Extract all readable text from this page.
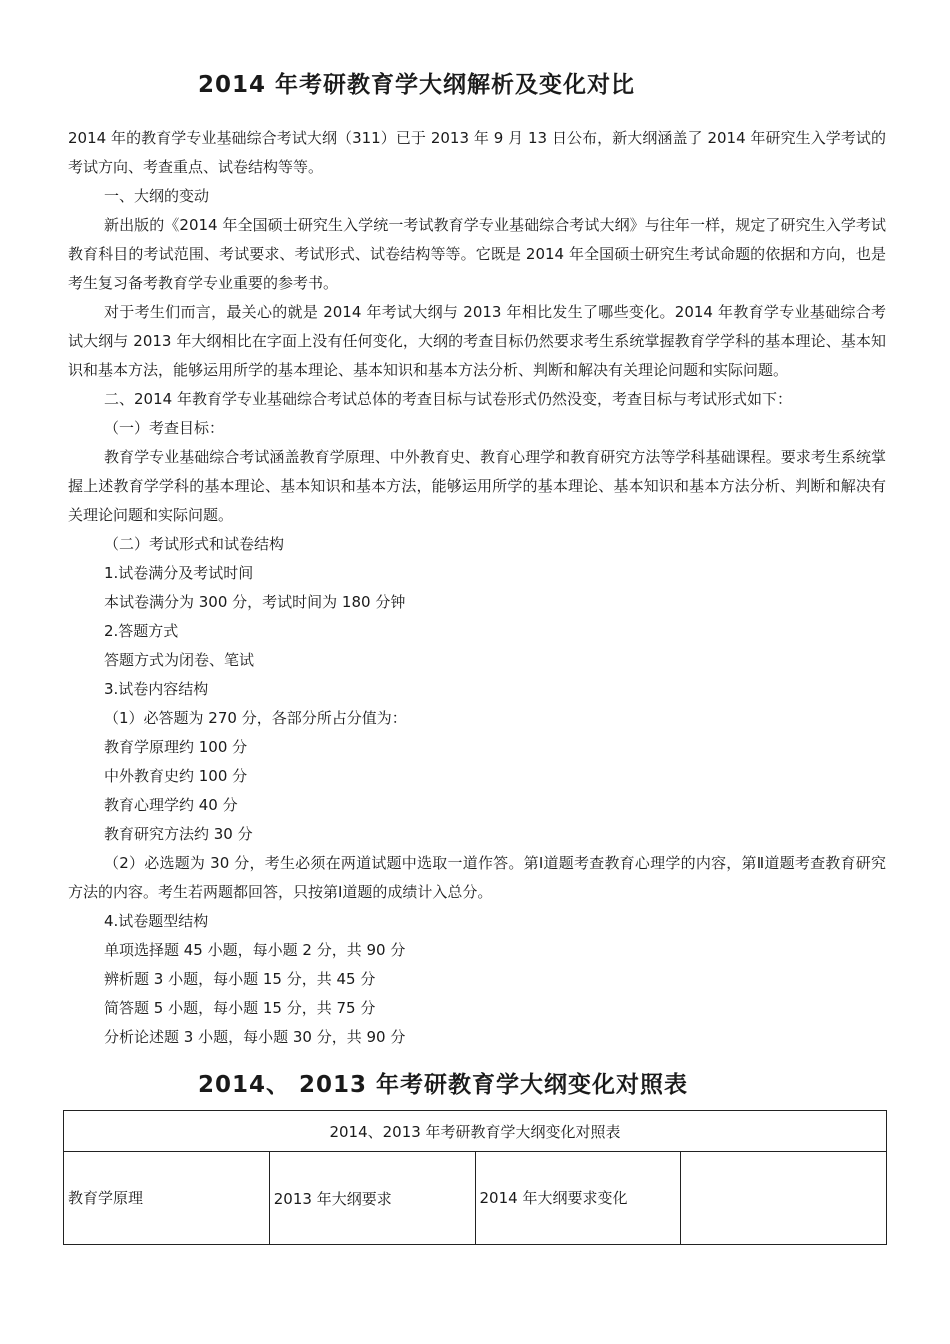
2014 年考研教育学大纲解析及变化对比

2014 年的教育学专业基础综合考试大纲（311）已于 2013 年 9 月 13 日公布，新大纲涵盖了 2014 年研究生入学考试的考试方向、考查重点、试卷结构等等。

一、大纲的变动

新出版的《2014 年全国硕士研究生入学统一考试教育学专业基础综合考试大纲》与往年一样，规定了研究生入学考试教育科目的考试范围、考试要求、考试形式、试卷结构等等。它既是 2014 年全国硕士研究生考试命题的依据和方向，也是考生复习备考教育学专业重要的参考书。

对于考生们而言，最关心的就是 2014 年考试大纲与 2013 年相比发生了哪些变化。2014 年教育学专业基础综合考试大纲与 2013 年大纲相比在字面上没有任何变化，大纲的考查目标仍然要求考生系统掌握教育学学科的基本理论、基本知识和基本方法，能够运用所学的基本理论、基本知识和基本方法分析、判断和解决有关理论问题和实际问题。

二、2014 年教育学专业基础综合考试总体的考查目标与试卷形式仍然没变，考查目标与考试形式如下：

（一）考查目标：

教育学专业基础综合考试涵盖教育学原理、中外教育史、教育心理学和教育研究方法等学科基础课程。要求考生系统掌握上述教育学学科的基本理论、基本知识和基本方法，能够运用所学的基本理论、基本知识和基本方法分析、判断和解决有关理论问题和实际问题。

（二）考试形式和试卷结构

1.试卷满分及考试时间

本试卷满分为 300 分，考试时间为 180 分钟

2.答题方式

答题方式为闭卷、笔试

3.试卷内容结构

（1）必答题为 270 分，各部分所占分值为：

教育学原理约 100 分

中外教育史约 100 分

教育心理学约 40 分

教育研究方法约 30 分

（2）必选题为 30 分，考生必须在两道试题中选取一道作答。第Ⅰ道题考查教育心理学的内容，第Ⅱ道题考查教育研究方法的内容。考生若两题都回答，只按第Ⅰ道题的成绩计入总分。

4.试卷题型结构

单项选择题 45 小题，每小题 2 分，共 90 分

辨析题 3 小题，每小题 15 分，共 45 分

简答题 5 小题，每小题 15 分，共 75 分

分析论述题 3 小题，每小题 30 分，共 90 分

2014、 2013 年考研教育学大纲变化对照表
2014、2013 年考研教育学大纲变化对照表
教育学原理	2013 年大纲要求	2014 年大纲要求变化	
